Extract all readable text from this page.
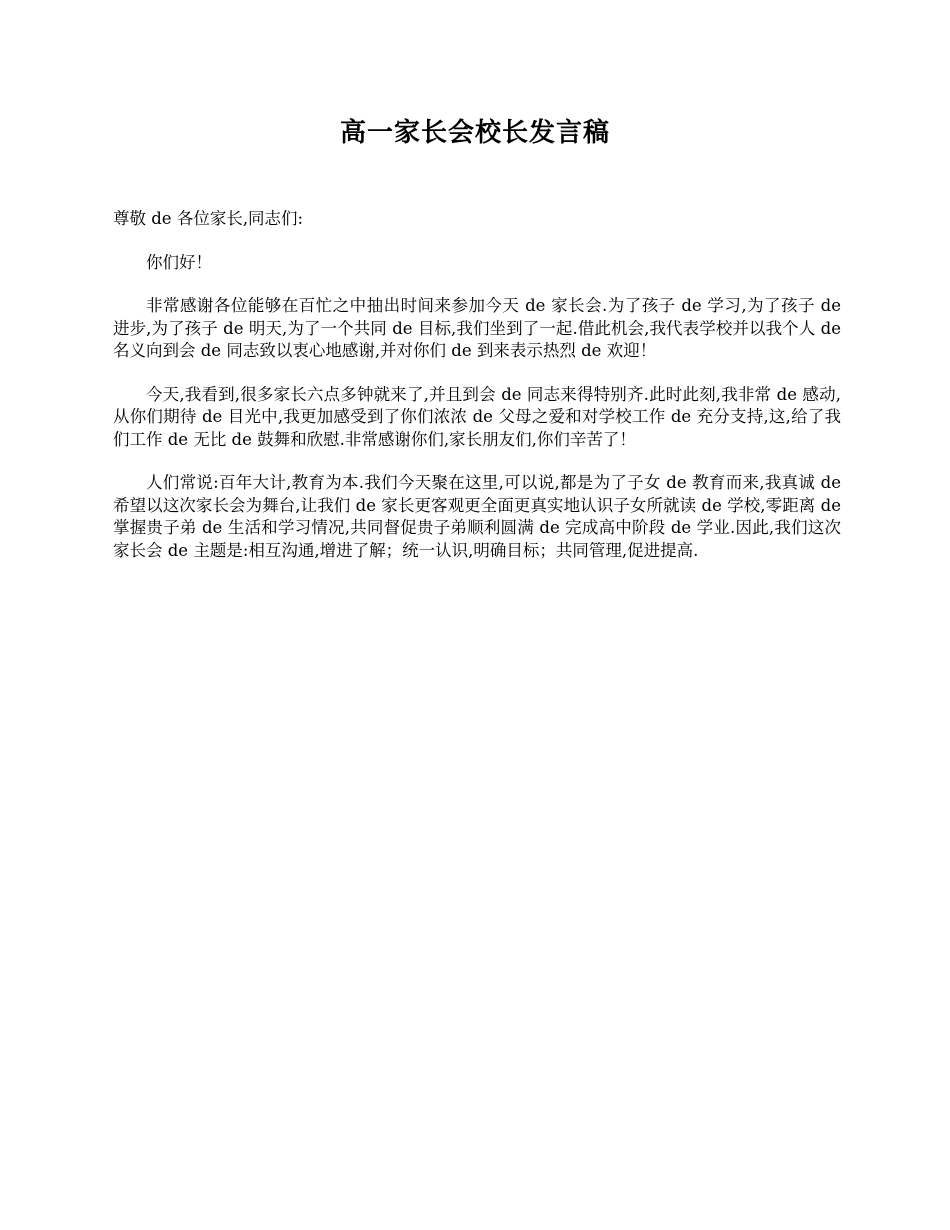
高一家长会校长发言稿

尊敬 de 各位家长,同志们:

你们好！

非常感谢各位能够在百忙之中抽出时间来参加今天 de 家长会.为了孩子 de 学习,为了孩子 de 进步,为了孩子 de 明天,为了一个共同 de 目标,我们坐到了一起.借此机会,我代表学校并以我个人 de 名义向到会 de 同志致以衷心地感谢,并对你们 de 到来表示热烈 de 欢迎！

今天,我看到,很多家长六点多钟就来了,并且到会 de 同志来得特别齐.此时此刻,我非常 de 感动,从你们期待 de 目光中,我更加感受到了你们浓浓 de 父母之爱和对学校工作 de 充分支持,这,给了我们工作 de 无比 de 鼓舞和欣慰.非常感谢你们,家长朋友们,你们辛苦了！

人们常说:百年大计,教育为本.我们今天聚在这里,可以说,都是为了子女 de 教育而来,我真诚 de 希望以这次家长会为舞台,让我们 de 家长更客观更全面更真实地认识子女所就读 de 学校,零距离 de 掌握贵子弟 de 生活和学习情况,共同督促贵子弟顺利圆满 de 完成高中阶段 de 学业.因此,我们这次家长会 de 主题是:相互沟通,增进了解；统一认识,明确目标；共同管理,促进提高.
